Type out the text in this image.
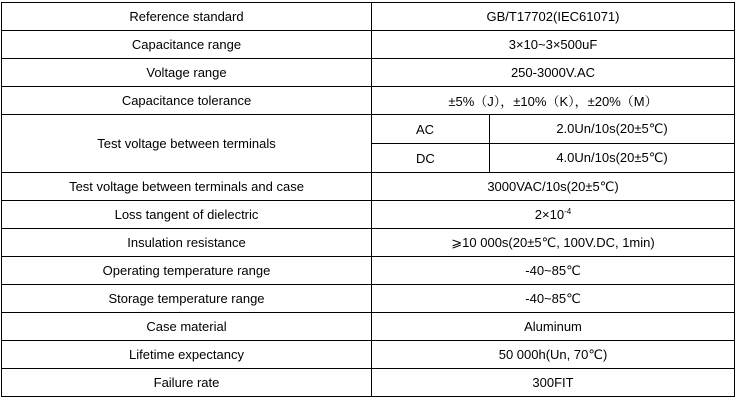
Reference standard	GB/T17702(IEC61071)	
Capacitance range	3×10~3×500uF	
Voltage range	250-3000V.AC	
Capacitance tolerance	±5%（J），±10%（K），±20%（M）	
Test voltage between terminals	AC	2.0Un/10s(20±5℃)
	DC	4.0Un/10s(20±5℃)
Test voltage between terminals and case	3000VAC/10s(20±5℃)	
Loss tangent of dielectric	$2\times 10^{-4}$
Insulation resistance	⩾10 000s(20±5℃, 100V.DC, 1min)	
Operating temperature range	-40~85℃	
Storage temperature range	-40~85℃	
Case material	Aluminum	
Lifetime expectancy	50 000h(Un, 70℃)	
Failure rate	300FIT	
